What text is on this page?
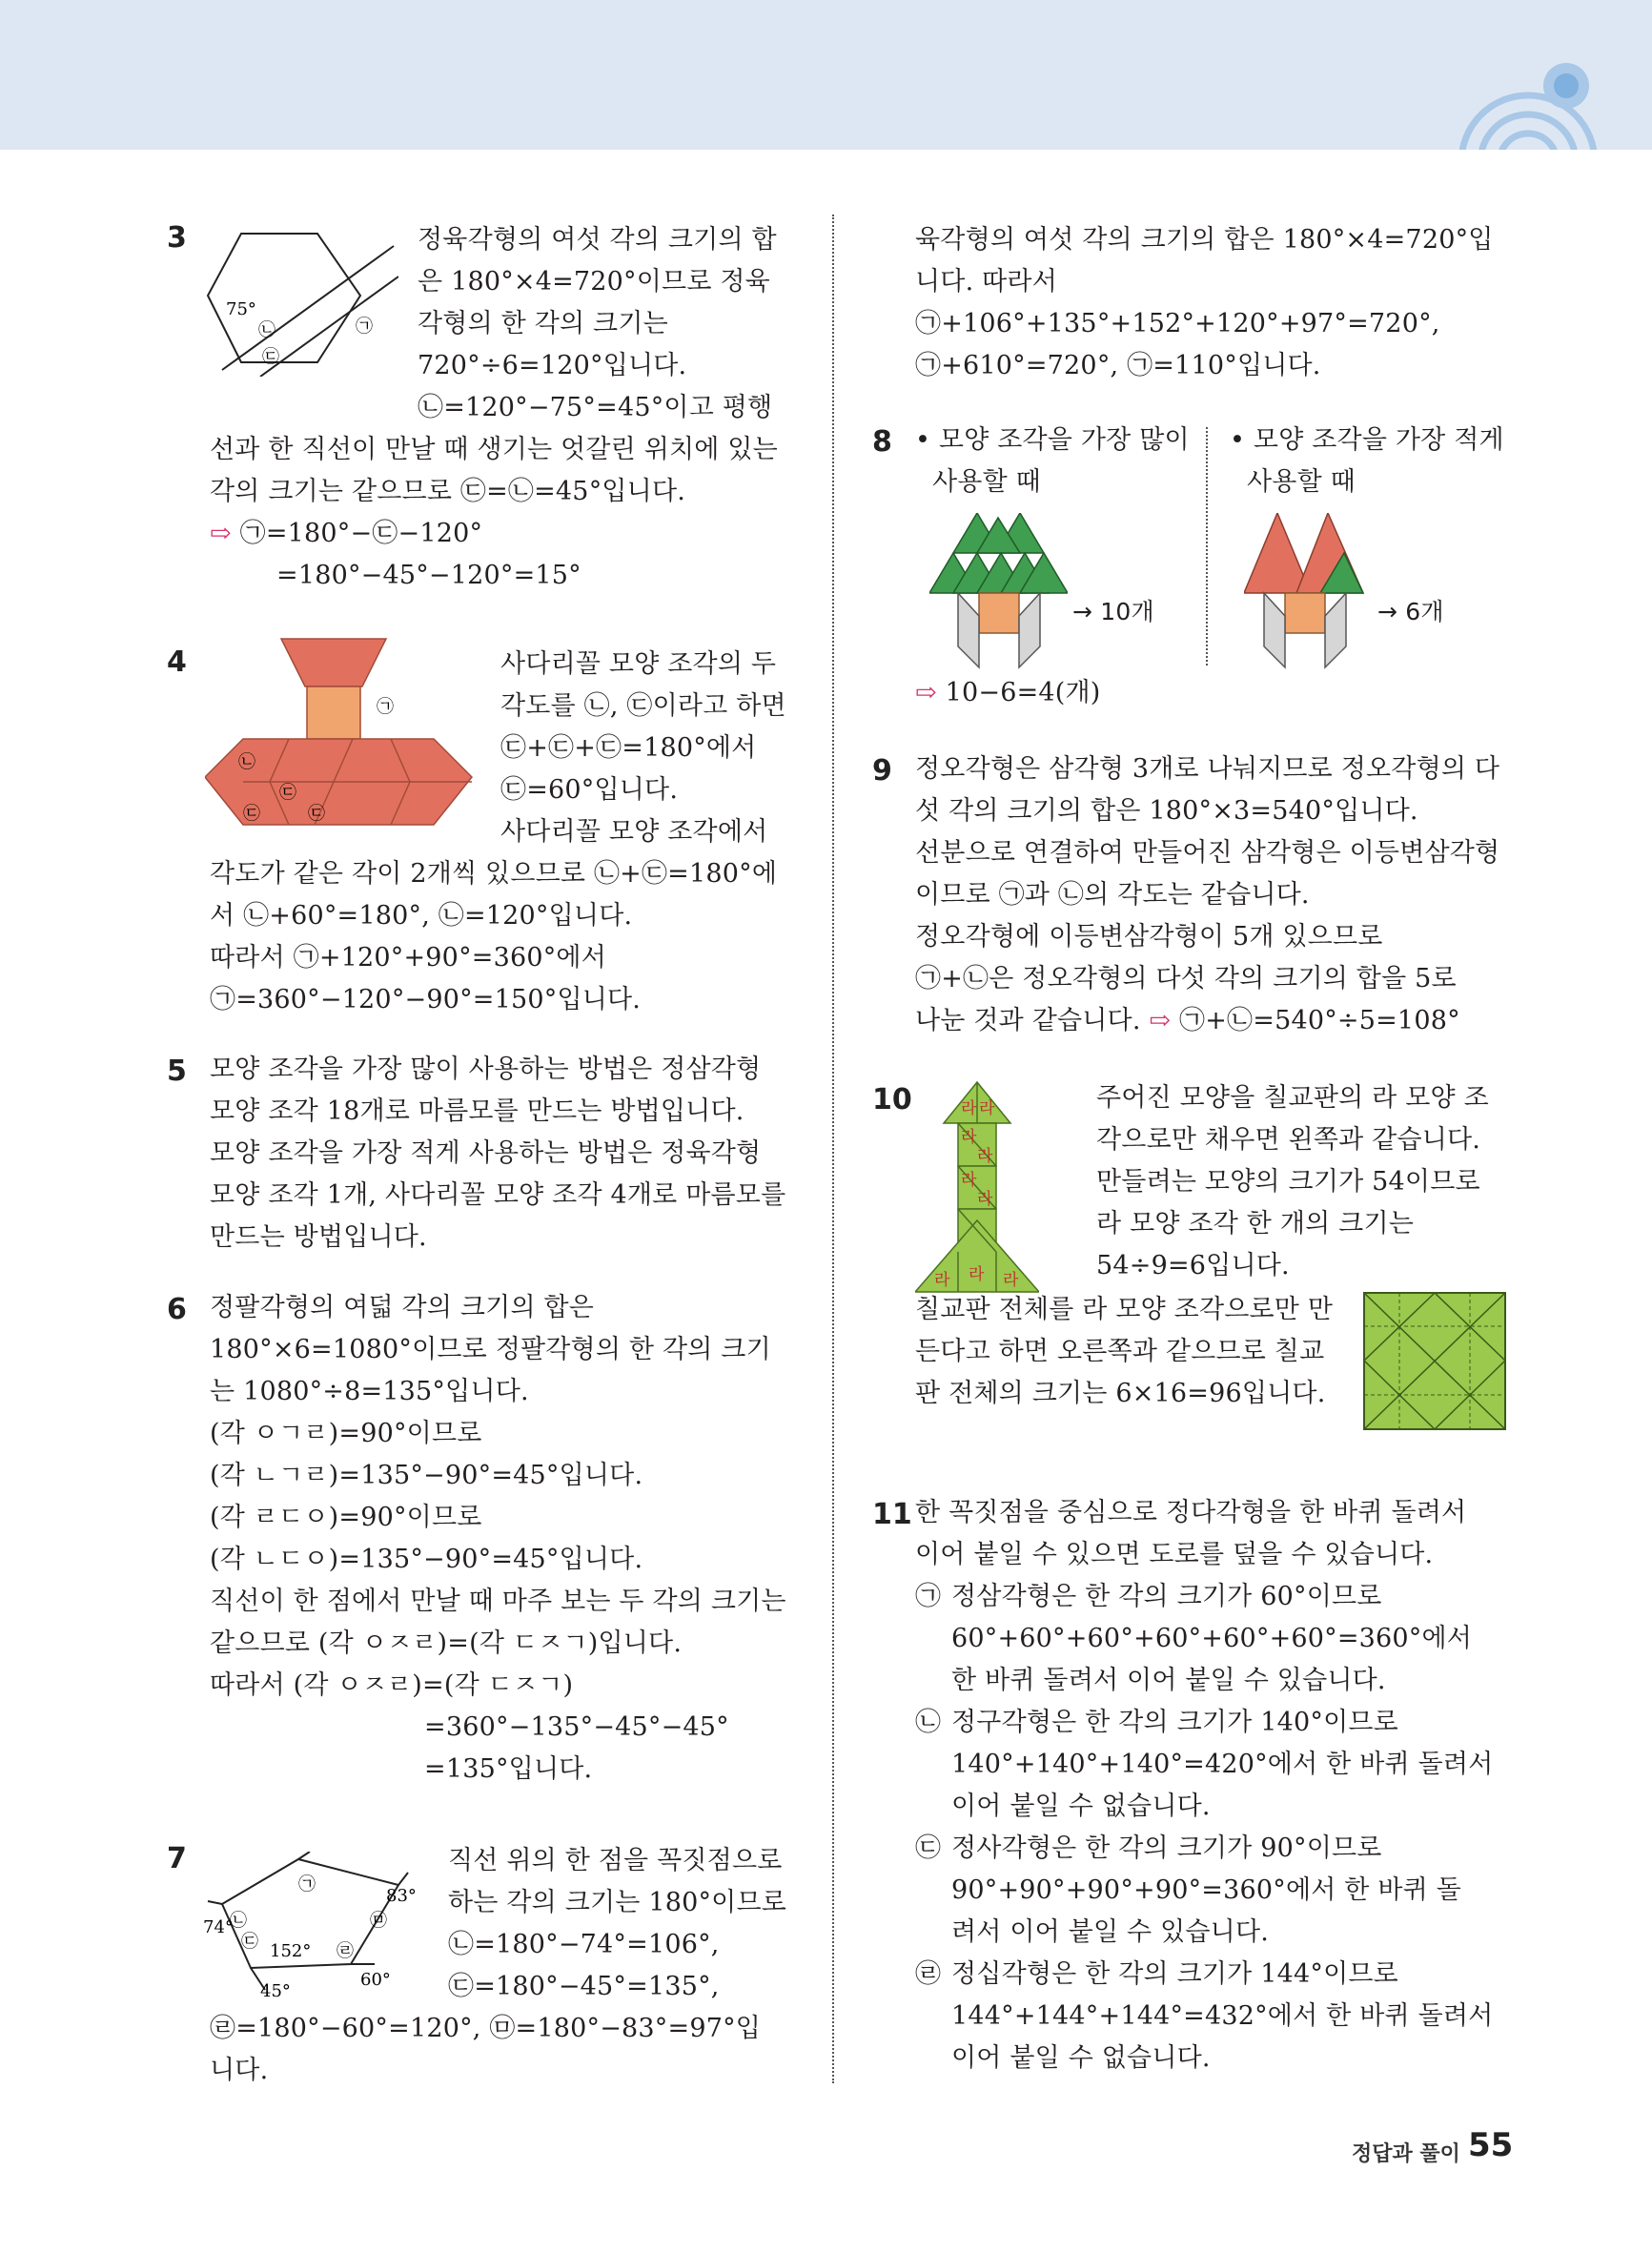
3
75°
㉡
㉢
㉠
정육각형의 여섯 각의 크기의 합
은 180°×4=720°이므로 정육
각형의 한 각의 크기는
720°÷6=120°입니다.
㉡=120°−75°=45°이고 평행
선과 한 직선이 만날 때 생기는 엇갈린 위치에 있는
각의 크기는 같으므로 ㉢=㉡=45°입니다.
⇨ ㉠=180°−㉢−120°
=180°−45°−120°=15°
4
㉠
㉡
㉢
㉢	㉢
사다리꼴 모양 조각의 두
각도를 ㉡, ㉢이라고 하면
㉢+㉢+㉢=180°에서
㉢=60°입니다.
사다리꼴 모양 조각에서
각도가 같은 각이 2개씩 있으므로 ㉡+㉢=180°에
서 ㉡+60°=180°, ㉡=120°입니다.
따라서 ㉠+120°+90°=360°에서
㉠=360°−120°−90°=150°입니다.
5 모양 조각을 가장 많이 사용하는 방법은 정삼각형
모양 조각 18개로 마름모를 만드는 방법입니다.
모양 조각을 가장 적게 사용하는 방법은 정육각형
모양 조각 1개, 사다리꼴 모양 조각 4개로 마름모를
만드는 방법입니다.
6 정팔각형의 여덟 각의 크기의 합은
180°×6=1080°이므로 정팔각형의 한 각의 크기
는 1080°÷8=135°입니다.
(각 ㅇㄱㄹ)=90°이므로
(각 ㄴㄱㄹ)=135°−90°=45°입니다.
(각 ㄹㄷㅇ)=90°이므로
(각 ㄴㄷㅇ)=135°−90°=45°입니다.
직선이 한 점에서 만날 때 마주 보는 두 각의 크기는
같으므로 (각 ㅇㅈㄹ)=(각 ㄷㅈㄱ)입니다.
따라서 (각 ㅇㅈㄹ)=(각 ㄷㅈㄱ)
=360°−135°−45°−45°
=135°입니다.
7
㉠
㉡
㉢	㉣
㉤
74°
152°
83°
60°
45°
직선 위의 한 점을 꼭짓점으로
하는 각의 크기는 180°이므로
㉡=180°−74°=106°,
㉢=180°−45°=135°,
㉣=180°−60°=120°, ㉤=180°−83°=97°입
니다.
육각형의 여섯 각의 크기의 합은 180°×4=720°입
니다. 따라서
㉠+106°+135°+152°+120°+97°=720°,
㉠+610°=720°, ㉠=110°입니다.
8 • 모양 조각을 가장 많이
사용할 때
• 모양 조각을 가장 적게
사용할 때
→ 10개	→ 6개
⇨ 10−6=4(개)
9 정오각형은 삼각형 3개로 나눠지므로 정오각형의 다
섯 각의 크기의 합은 180°×3=540°입니다.
선분으로 연결하여 만들어진 삼각형은 이등변삼각형
이므로 ㉠과 ㉡의 각도는 같습니다.
정오각형에 이등변삼각형이 5개 있으므로
㉠+㉡은 정오각형의 다섯 각의 크기의 합을 5로
나눈 것과 같습니다. ⇨ ㉠+㉡=540°÷5=108°
10	라 라
라
라
라
라
라 라 라
주어진 모양을 칠교판의 라 모양 조
각으로만 채우면 왼쪽과 같습니다.
만들려는 모양의 크기가 54이므로
라 모양 조각 한 개의 크기는
54÷9=6입니다.
칠교판 전체를 라 모양 조각으로만 만
든다고 하면 오른쪽과 같으므로 칠교
판 전체의 크기는 6×16=96입니다.
11 한 꼭짓점을 중심으로 정다각형을 한 바퀴 돌려서
이어 붙일 수 있으면 도로를 덮을 수 있습니다.
㉠ 정삼각형은 한 각의 크기가 60°이므로
60°+60°+60°+60°+60°+60°=360°에서
한 바퀴 돌려서 이어 붙일 수 있습니다.
㉡ 정구각형은 한 각의 크기가 140°이므로
140°+140°+140°=420°에서 한 바퀴 돌려서
이어 붙일 수 없습니다.
㉢ 정사각형은 한 각의 크기가 90°이므로
90°+90°+90°+90°=360°에서 한 바퀴 돌
려서 이어 붙일 수 있습니다.
㉣ 정십각형은 한 각의 크기가 144°이므로
144°+144°+144°=432°에서 한 바퀴 돌려서
이어 붙일 수 없습니다.
정답과 풀이 55
